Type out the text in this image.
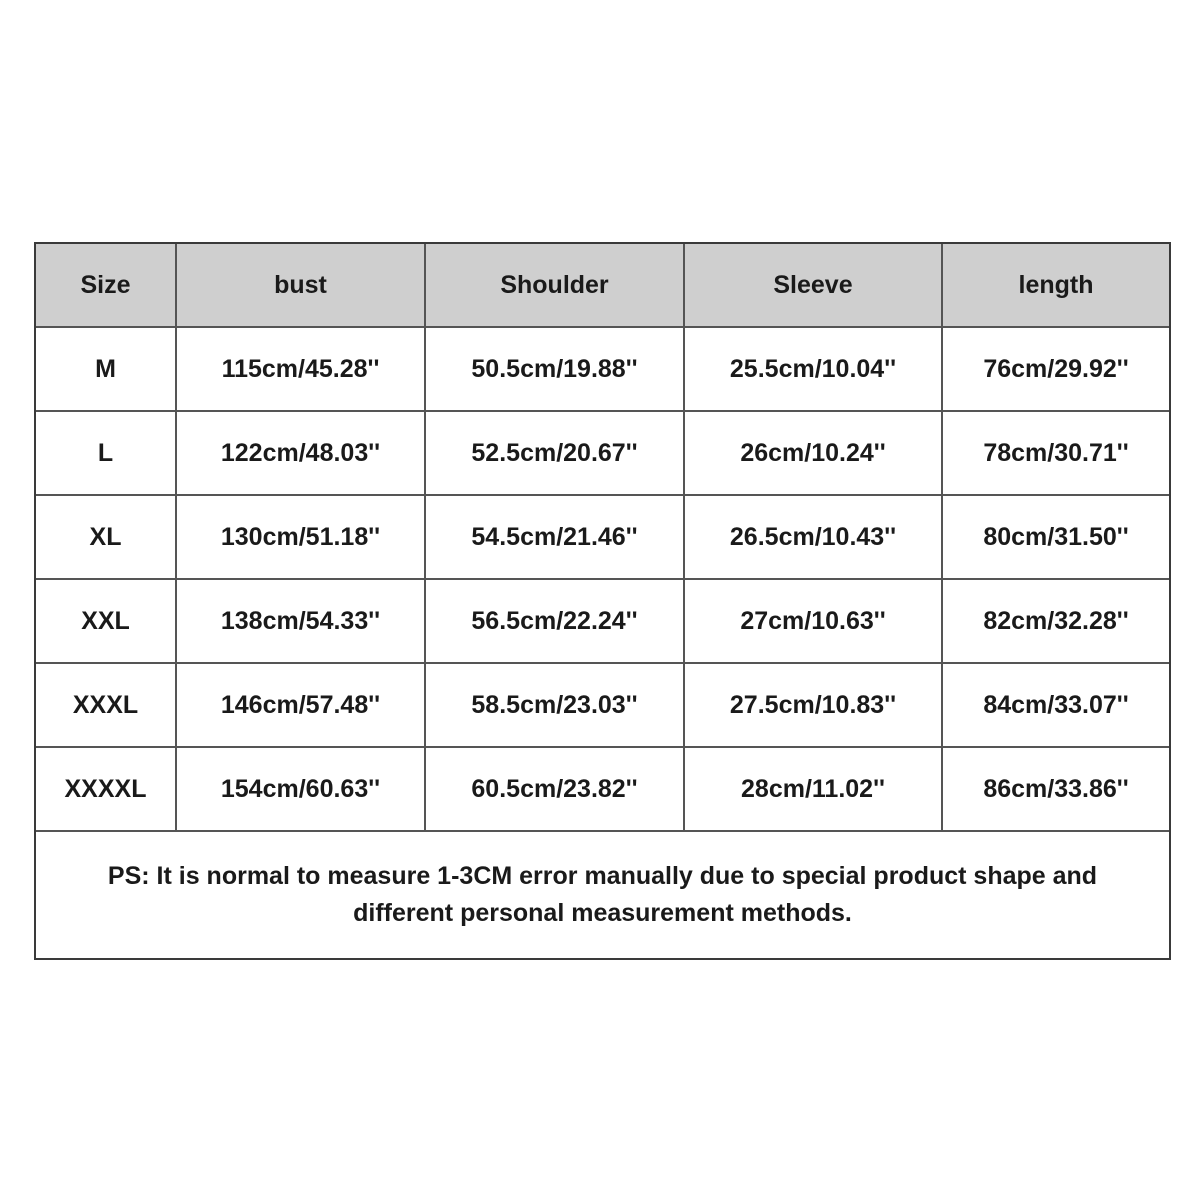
Size	bust	Shoulder	Sleeve	length
M	115cm/45.28''	50.5cm/19.88''	25.5cm/10.04''	76cm/29.92''
L	122cm/48.03''	52.5cm/20.67''	26cm/10.24''	78cm/30.71''
XL	130cm/51.18''	54.5cm/21.46''	26.5cm/10.43''	80cm/31.50''
XXL	138cm/54.33''	56.5cm/22.24''	27cm/10.63''	82cm/32.28''
XXXL	146cm/57.48''	58.5cm/23.03''	27.5cm/10.83''	84cm/33.07''
XXXXL	154cm/60.63''	60.5cm/23.82''	28cm/11.02''	86cm/33.86''
PS: It is normal to measure 1-3CM error manually due to special product shape and different personal measurement methods.
